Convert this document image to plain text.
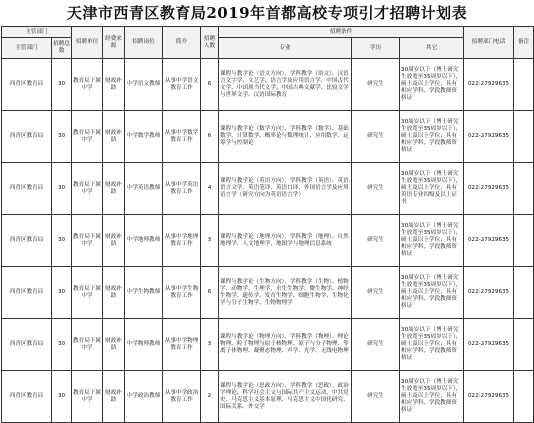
天津市西青区教育局2019年首都高校专项引才招聘计划表
主管部门		招聘单位	经费来源	招聘岗位	简介	招聘人数	招聘条件			招聘部门电话	备注
主管部门	招聘总数						专业	学历	其它		
西青区教育局	30	教育局下属中学	财政补助	中学语文教师	从事中学语文教育工作	6	课程与教学论（语文方向）、学科教学（语文）、汉语言文字学、文艺学、语言学及应用语言学、中国古代文学、中国现当代文学、中国古典文献学、比较文学与世界文学、汉语国际教育	研究生	30周岁以下（博士研究生放宽至35周岁以下），硕士及以上学位；具有相应学科、学段教师资格证	022-27929635	
西青区教育局	30	教育局下属中学	财政补助	中学数学教师	从事中学数学教育工作	6	课程与教学论（数学方向）、学科教学（数学）、基础数学、计算数学、概率论与数理统计、应用数学、运筹学与控制论	研究生	30周岁以下（博士研究生放宽至35周岁以下），硕士及以上学位；具有相应学科、学段教师资格证	022-27929635	
西青区教育局	30	教育局下属中学	财政补助	中学英语教师	从事中学英语教育工作	4	课程与教学论（英语方向）、学科教学（英语）、英语语言文学、英语笔译、英语口译、外国语言学及应用语言学（研究方向为英语语言学）	研究生	30周岁以下（博士研究生放宽至35周岁以下），硕士及以上学位；具有英语专业四级及以上证书	022-27929635	
西青区教育局	30	教育局下属中学	财政补助	中学地理教师	从事中学地理教育工作	3	课程与教学论（地理方向）、学科教学（地理）、自然地理学、人文地理学、地图学与地理信息系统	研究生	30周岁以下（博士研究生放宽至35周岁以下），硕士及以上学位；具有相应学科、学段教师资格证	022-27929635	
西青区教育局	30	教育局下属中学	财政补助	中学生物教师	从事中学生物教育工作	6	课程与教学论（生物方向）、学科教学（生物）、植物学、动物学、生理学、水生生物学、微生物学、神经生物学、遗传学、发育生物学、细胞生物学、生物化学与分子生物学、生物物理学	研究生	30周岁以下（博士研究生放宽至35周岁以下），硕士及以上学位；具有相应学科、学段教师资格证	022-27929635	
西青区教育局	30	教育局下属中学	财政补助	中学物理教师	从事中学物理教育工作	3	课程与教学论（物理方向）、学科教学（物理）、理论物理、粒子物理与原子核物理、原子与分子物理、等离子体物理、凝聚态物理、声学、光学、无线电物理	研究生	30周岁以下（博士研究生放宽至35周岁以下），硕士及以上学位；具有相应学科、学段教师资格证	022-27929635	
西青区教育局	30	教育局下属中学	财政补助	中学政治教师	从事中学政治教育工作	2	课程与教学论（思政方向）、学科教学（思政）、政治学理论、科学社会主义与国际共产主义运动、中共党史、马克思主义基本原理、马克思主义中国化研究、国际关系、外交学	研究生	30周岁以下（博士研究生放宽至35周岁以下），硕士及以上学位；具有相应学科、学段教师资格证	022-27929635	
